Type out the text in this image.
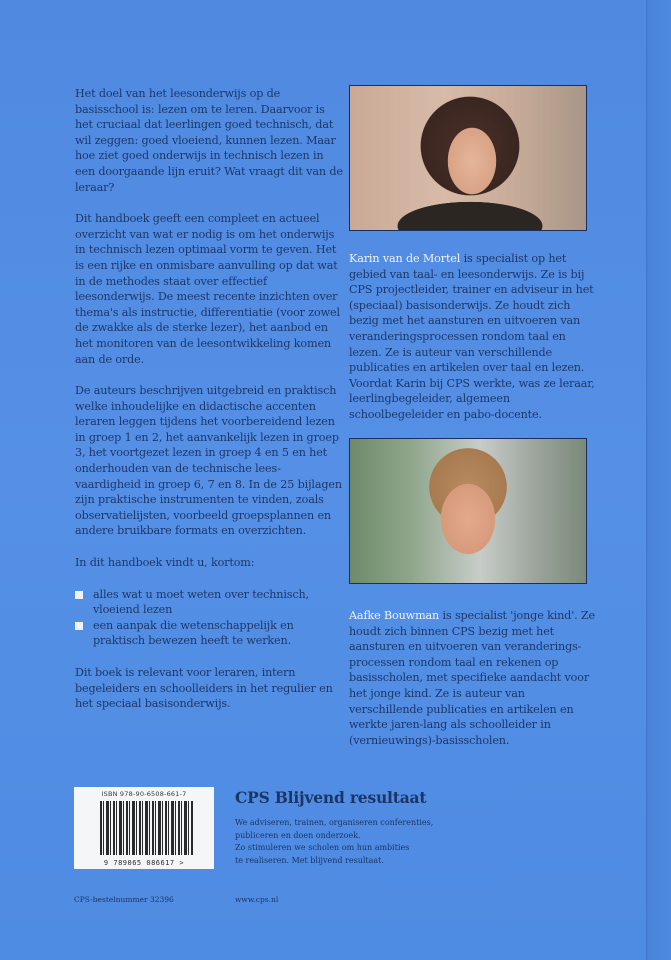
Het doel van het leesonderwijs op de basisschool is: lezen om te leren. Daarvoor is het cruciaal dat leerlingen goed technisch, dat wil zeggen: goed vloeiend, kunnen lezen. Maar hoe ziet goed onderwijs in technisch lezen in een doorgaande lijn eruit? Wat vraagt dit van de leraar?

Dit handboek geeft een compleet en actueel overzicht van wat er nodig is om het onderwijs in technisch lezen optimaal vorm te geven. Het is een rijke en onmisbare aanvulling op dat wat in de methodes staat over effectief leesonderwijs. De meest recente inzichten over thema's als instructie, differentiatie (voor zowel de zwakke als de sterke lezer), het aanbod en het monitoren van de leesontwikkeling komen aan de orde.

De auteurs beschrijven uitgebreid en praktisch welke inhoudelijke en didactische accenten leraren leggen tijdens het voorbereidend lezen in groep 1 en 2, het aanvankelijk lezen in groep 3, het voortgezet lezen in groep 4 en 5 en het onderhouden van de technische lees-vaardigheid in groep 6, 7 en 8. In de 25 bijlagen zijn praktische instrumenten te vinden, zoals observatielijsten, voorbeeld groepsplannen en andere bruikbare formats en overzichten.

In dit handboek vindt u, kortom:

alles wat u moet weten over technisch, vloeiend lezen
een aanpak die wetenschappelijk en praktisch bewezen heeft te werken.

Dit boek is relevant voor leraren, intern begeleiders en schoolleiders in het regulier en het speciaal basisonderwijs.

Karin van de Mortel is specialist op het gebied van taal- en leesonderwijs. Ze is bij CPS projectleider, trainer en adviseur in het (speciaal) basisonderwijs. Ze houdt zich bezig met het aansturen en uitvoeren van veranderingsprocessen rondom taal en lezen. Ze is auteur van verschillende publicaties en artikelen over taal en lezen. Voordat Karin bij CPS werkte, was ze leraar, leerlingbegeleider, algemeen schoolbegeleider en pabo-docente.
Aafke Bouwman is specialist 'jonge kind'. Ze houdt zich binnen CPS bezig met het aansturen en uitvoeren van veranderings-processen rondom taal en rekenen op basisscholen, met specifieke aandacht voor het jonge kind. Ze is auteur van verschillende publicaties en artikelen en werkte jaren-lang als schoolleider in (vernieuwings)-basisscholen.
ISBN 978-90-6508-661-7
9 789065 086617 >
CPS Blijvend resultaat

We adviseren, trainen, organiseren conferenties,

publiceren en doen onderzoek.

Zo stimuleren we scholen om hun ambities

te realiseren. Met blijvend resultaat.

CPS-bestelnummer 32396	www.cps.nl
